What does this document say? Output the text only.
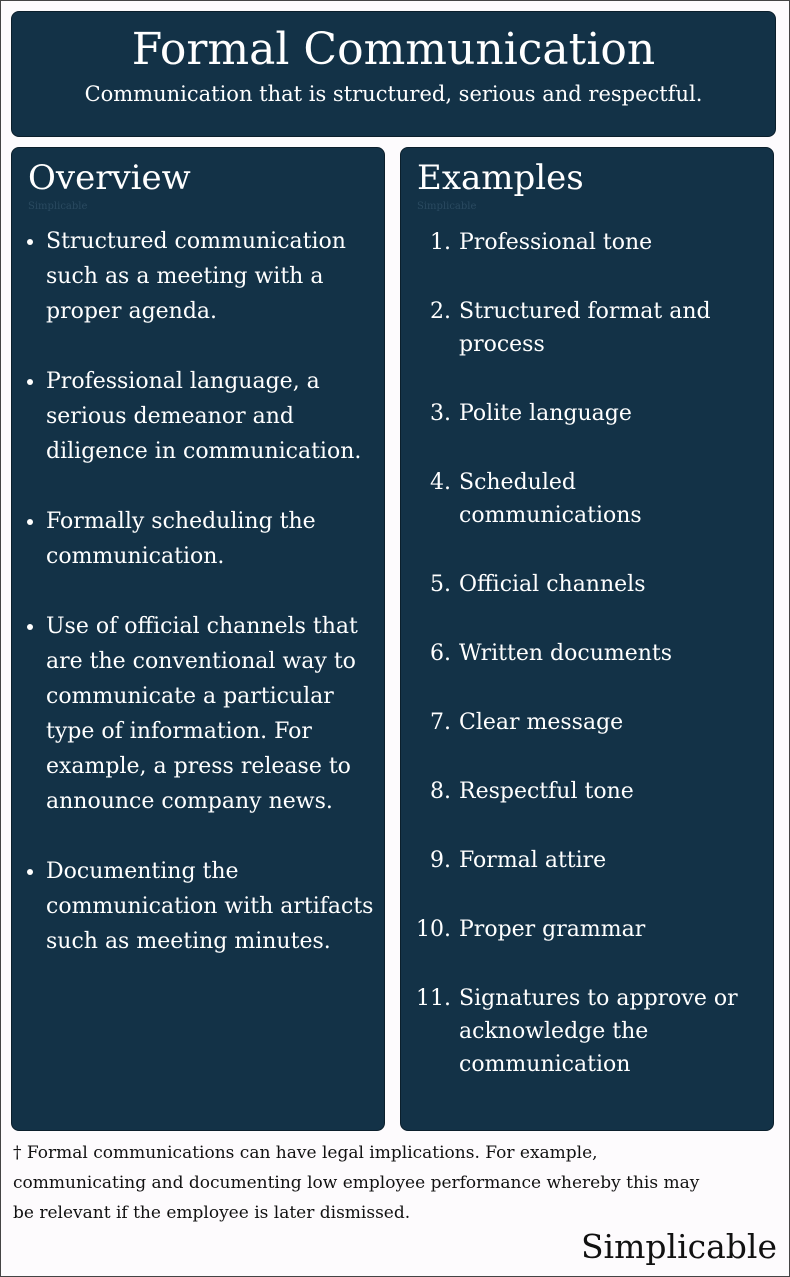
Formal Communication

Communication that is structured, serious and respectful.

Overview
Simplicable
• Structured communication such as a meeting with a proper agenda.
• Professional language, a serious demeanor and diligence in communication.
• Formally scheduling the communication.
• Use of official channels that are the conventional way to communicate a particular type of information. For example, a press release to announce company news.
• Documenting the communication with artifacts such as meeting minutes.
Examples
Simplicable
1. Professional tone
2. Structured format and process
3. Polite language
4. Scheduled communications
5. Official channels
6. Written documents
7. Clear message
8. Respectful tone
9. Formal attire
10. Proper grammar
11. Signatures to approve or acknowledge the communication
† Formal communications can have legal implications. For example, communicating and documenting low employee performance whereby this may be relevant if the employee is later dismissed.
Simplicable
